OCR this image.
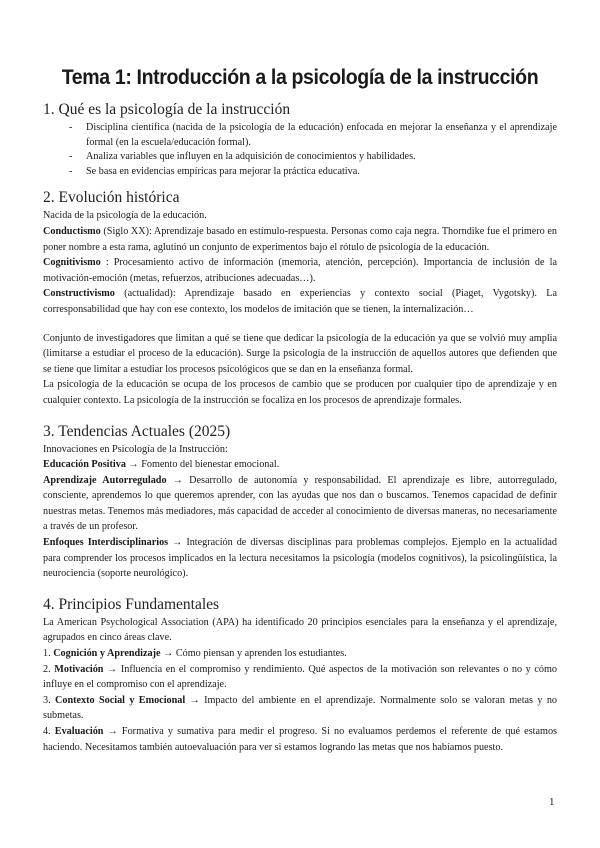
Tema 1: Introducción a la psicología de la instrucción
1. Qué es la psicología de la instrucción
- Disciplina científica (nacida de la psicología de la educación) enfocada en mejorar la enseñanza y el aprendizaje formal (en la escuela/educación formal).
- Analiza variables que influyen en la adquisición de conocimientos y habilidades.
- Se basa en evidencias empíricas para mejorar la práctica educativa.
2. Evolución histórica

Nacida de la psicología de la educación.

Conductismo (Siglo XX): Aprendizaje basado en estímulo-respuesta. Personas como caja negra. Thorndike fue el primero en poner nombre a esta rama, aglutinó un conjunto de experimentos bajo el rótulo de psicología de la educación.

Cognitivismo : Procesamiento activo de información (memoria, atención, percepción). Importancia de inclusión de la motivación-emoción (metas, refuerzos, atribuciones adecuadas…).

Constructivismo (actualidad): Aprendizaje basado en experiencias y contexto social (Piaget, Vygotsky). La corresponsabilidad que hay con ese contexto, los modelos de imitación que se tienen, la internalización…

Conjunto de investigadores que limitan a qué se tiene que dedicar la psicología de la educación ya que se volvió muy amplia (limitarse a estudiar el proceso de la educación). Surge la psicología de la instrucción de aquellos autores que defienden que se tiene que limitar a estudiar los procesos psicológicos que se dan en la enseñanza formal.

La psicología de la educación se ocupa de los procesos de cambio que se producen por cualquier tipo de aprendizaje y en cualquier contexto. La psicología de la instrucción se focaliza en los procesos de aprendizaje formales.

3. Tendencias Actuales (2025)

Innovaciones en Psicología de la Instrucción:

Educación Positiva → Fomento del bienestar emocional.

Aprendizaje Autorregulado → Desarrollo de autonomía y responsabilidad. El aprendizaje es libre, autorregulado, consciente, aprendemos lo que queremos aprender, con las ayudas que nos dan o buscamos. Tenemos capacidad de definir nuestras metas. Tenemos más mediadores, más capacidad de acceder al conocimiento de diversas maneras, no necesariamente a través de un profesor.

Enfoques Interdisciplinarios → Integración de diversas disciplinas para problemas complejos. Ejemplo en la actualidad para comprender los procesos implicados en la lectura necesitamos la psicología (modelos cognitivos), la psicolingüística, la neurociencia (soporte neurológico).

4. Principios Fundamentales

La American Psychological Association (APA) ha identificado 20 principios esenciales para la enseñanza y el aprendizaje, agrupados en cinco áreas clave.

1. Cognición y Aprendizaje → Cómo piensan y aprenden los estudiantes.

2. Motivación → Influencia en el compromiso y rendimiento. Qué aspectos de la motivación son relevantes o no y cómo influye en el compromiso con el aprendizaje.

3. Contexto Social y Emocional → Impacto del ambiente en el aprendizaje. Normalmente solo se valoran metas y no submetas.

4. Evaluación → Formativa y sumativa para medir el progreso. Si no evaluamos perdemos el referente de qué estamos haciendo. Necesitamos también autoevaluación para ver si estamos logrando las metas que nos habíamos puesto.

1
